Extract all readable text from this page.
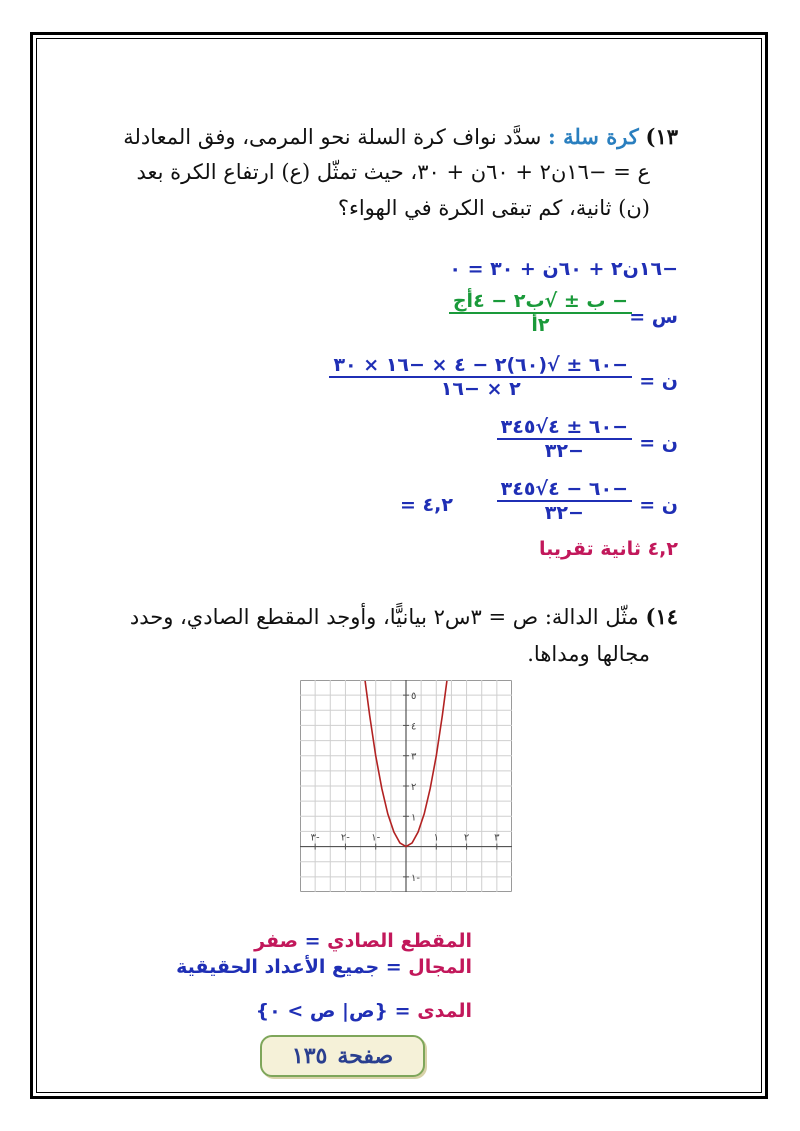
١٣) كرة سلة : سدَّد نواف كرة السلة نحو المرمى، وفق المعادلة
ع = −١٦ن٢ + ٦٠ن + ٣٠، حيث تمثّل (ع) ارتفاع الكرة بعد
(ن) ثانية، كم تبقى الكرة في الهواء؟
−١٦ن٢ + ٦٠ن + ٣٠ = ٠
س =
− ب ± √ب٢ − ٤أج
٢أ
ن =
−٦٠ ± √(٦٠)٢ − ٤ × −١٦ × ٣٠
٢ × −١٦
ن =
−٦٠ ± ٤√٣٤٥
−٣٢
ن =
−٦٠ − ٤√٣٤٥
−٣٢
= ٤,٢
٤,٢ ثانية تقريبا
١٤) مثّل الدالة: ص = ٣س٢ بيانيًّا، وأوجد المقطع الصادي، وحدد
مجالها ومداها.
٣- ٢- ١-	١ ٢ ٣
١-
١
٢
٣
٤
٥
المقطع الصادي = صفر
المجال = جميع الأعداد الحقيقية
المدى = {ص| ص > ٠}
صفحة
١٣٥
